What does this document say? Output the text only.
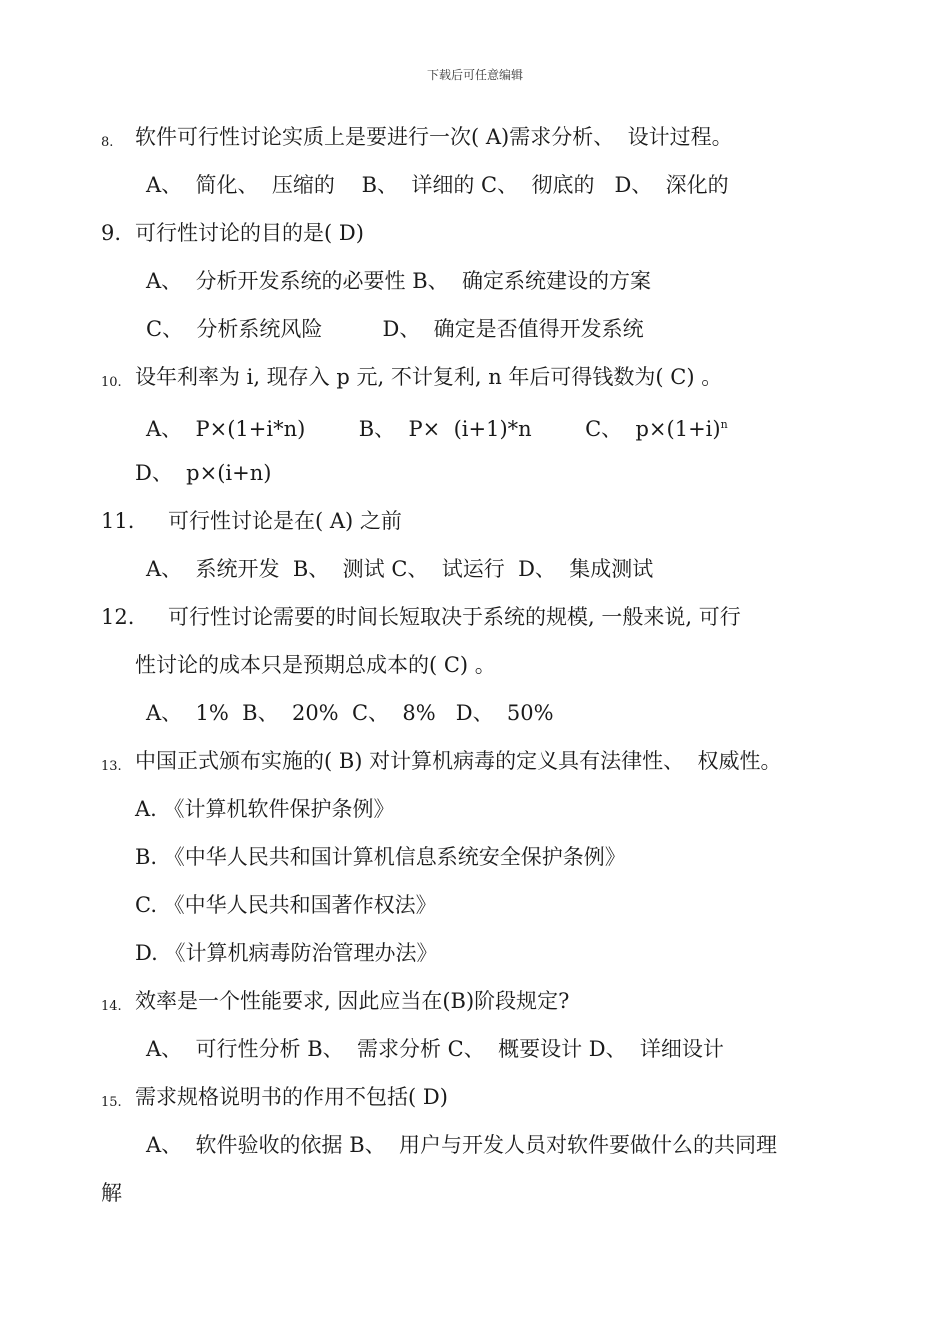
下载后可任意编辑
8. 软件可行性讨论实质上是要进行一次( A)需求分析、  设计过程。
A、  简化、  压缩的    B、  详细的 C、  彻底的   D、  深化的
9. 可行性讨论的目的是( D)
A、  分析开发系统的必要性 B、  确定系统建设的方案
C、  分析系统风险         D、  确定是否值得开发系统
10. 设年利率为 i, 现存入 p 元, 不计复利, n 年后可得钱数为( C) 。
A、  P×(1+i*n)        B、  P×  (i+1)*n        C、  $p\times(1+i)^n$
D、  p×(i+n)
11. 可行性讨论是在( A) 之前
A、  系统开发  B、  测试 C、  试运行  D、  集成测试
12. 可行性讨论需要的时间长短取决于系统的规模, 一般来说, 可行
性讨论的成本只是预期总成本的( C) 。
A、  1%  B、  20%  C、  8%   D、  50%
13. 中国正式颁布实施的( B) 对计算机病毒的定义具有法律性、  权威性。
A. 《计算机软件保护条例》
B. 《中华人民共和国计算机信息系统安全保护条例》
C. 《中华人民共和国著作权法》
D. 《计算机病毒防治管理办法》
14. 效率是一个性能要求, 因此应当在(B)阶段规定?
A、  可行性分析 B、  需求分析 C、  概要设计 D、  详细设计
15. 需求规格说明书的作用不包括( D)
A、  软件验收的依据 B、  用户与开发人员对软件要做什么的共同理
解
